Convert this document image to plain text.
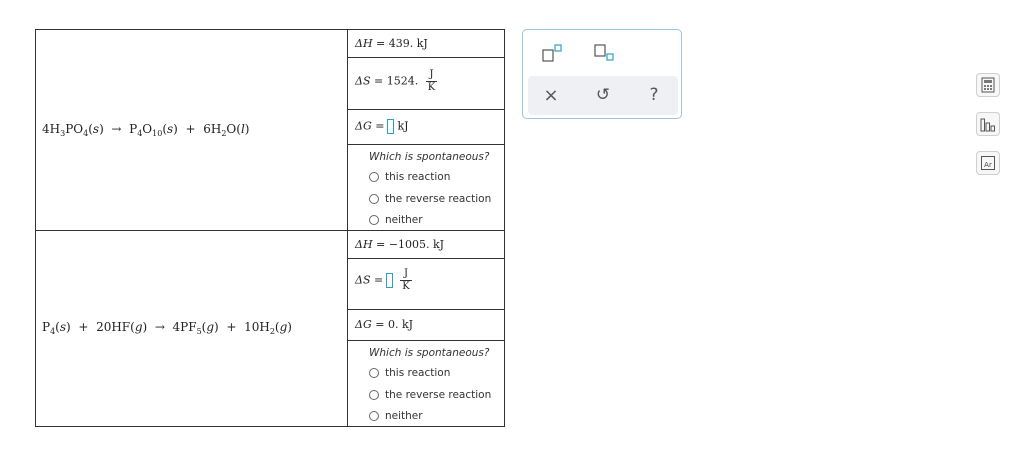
$4H_3PO_4(s) \to P_4O_{10}(s) + 6H_2O(l)$
ΔH = 439. kJ
ΔS = 1524. $\frac{J}{K}$
ΔG = kJ
Which is spontaneous?
this reaction
the reverse reaction
neither
$P_4(s) + 20HF(g) \to 4PF_5(g) + 10H_2(g)$
ΔH = −1005. kJ
$\Delta S = \frac{J}{K}$
ΔG = 0. kJ
Which is spontaneous?
this reaction
the reverse reaction
neither
× ↺ ?
Ar
